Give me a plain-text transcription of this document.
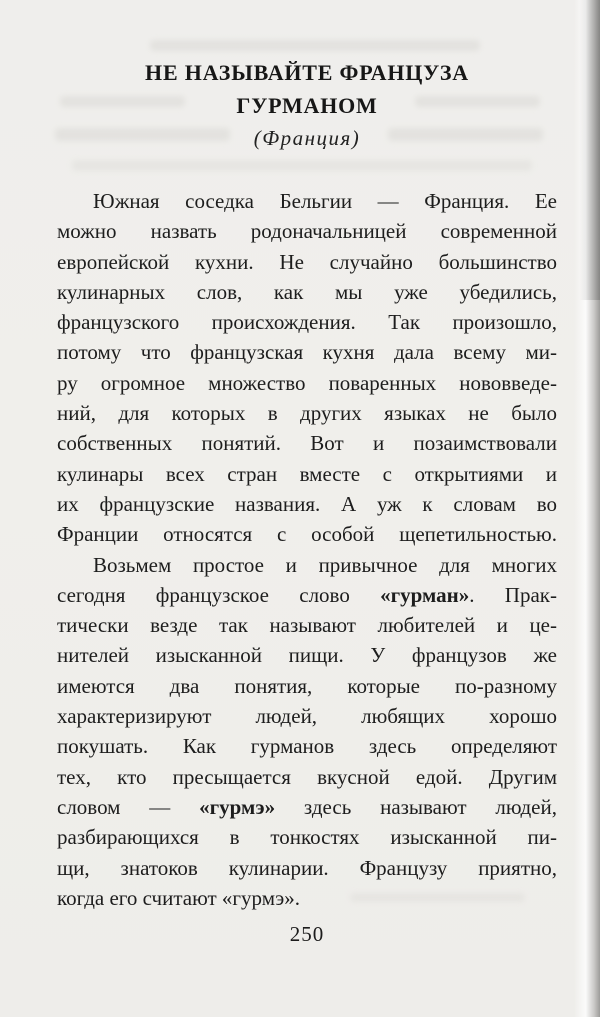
НЕ НАЗЫВАЙТЕ ФРАНЦУЗА
ГУРМАНОМ
(Франция)
Южная соседка Бельгии — Франция. Ее
можно назвать родоначальницей современной
европейской кухни. Не случайно большинство
кулинарных слов, как мы уже убедились,
французского происхождения. Так произошло,
потому что французская кухня дала всему ми-
ру огромное множество поваренных нововведе-
ний, для которых в других языках не было
собственных понятий. Вот и позаимствовали
кулинары всех стран вместе с открытиями и
их французские названия. А уж к словам во
Франции относятся с особой щепетильностью.
Возьмем простое и привычное для многих
сегодня французское слово «гурман». Прак-
тически везде так называют любителей и це-
нителей изысканной пищи. У французов же
имеются два понятия, которые по-разному
характеризируют людей, любящих хорошо
покушать. Как гурманов здесь определяют
тех, кто пресыщается вкусной едой. Другим
словом — «гурмэ» здесь называют людей,
разбирающихся в тонкостях изысканной пи-
щи, знатоков кулинарии. Французу приятно,
когда его считают «гурмэ».
250
